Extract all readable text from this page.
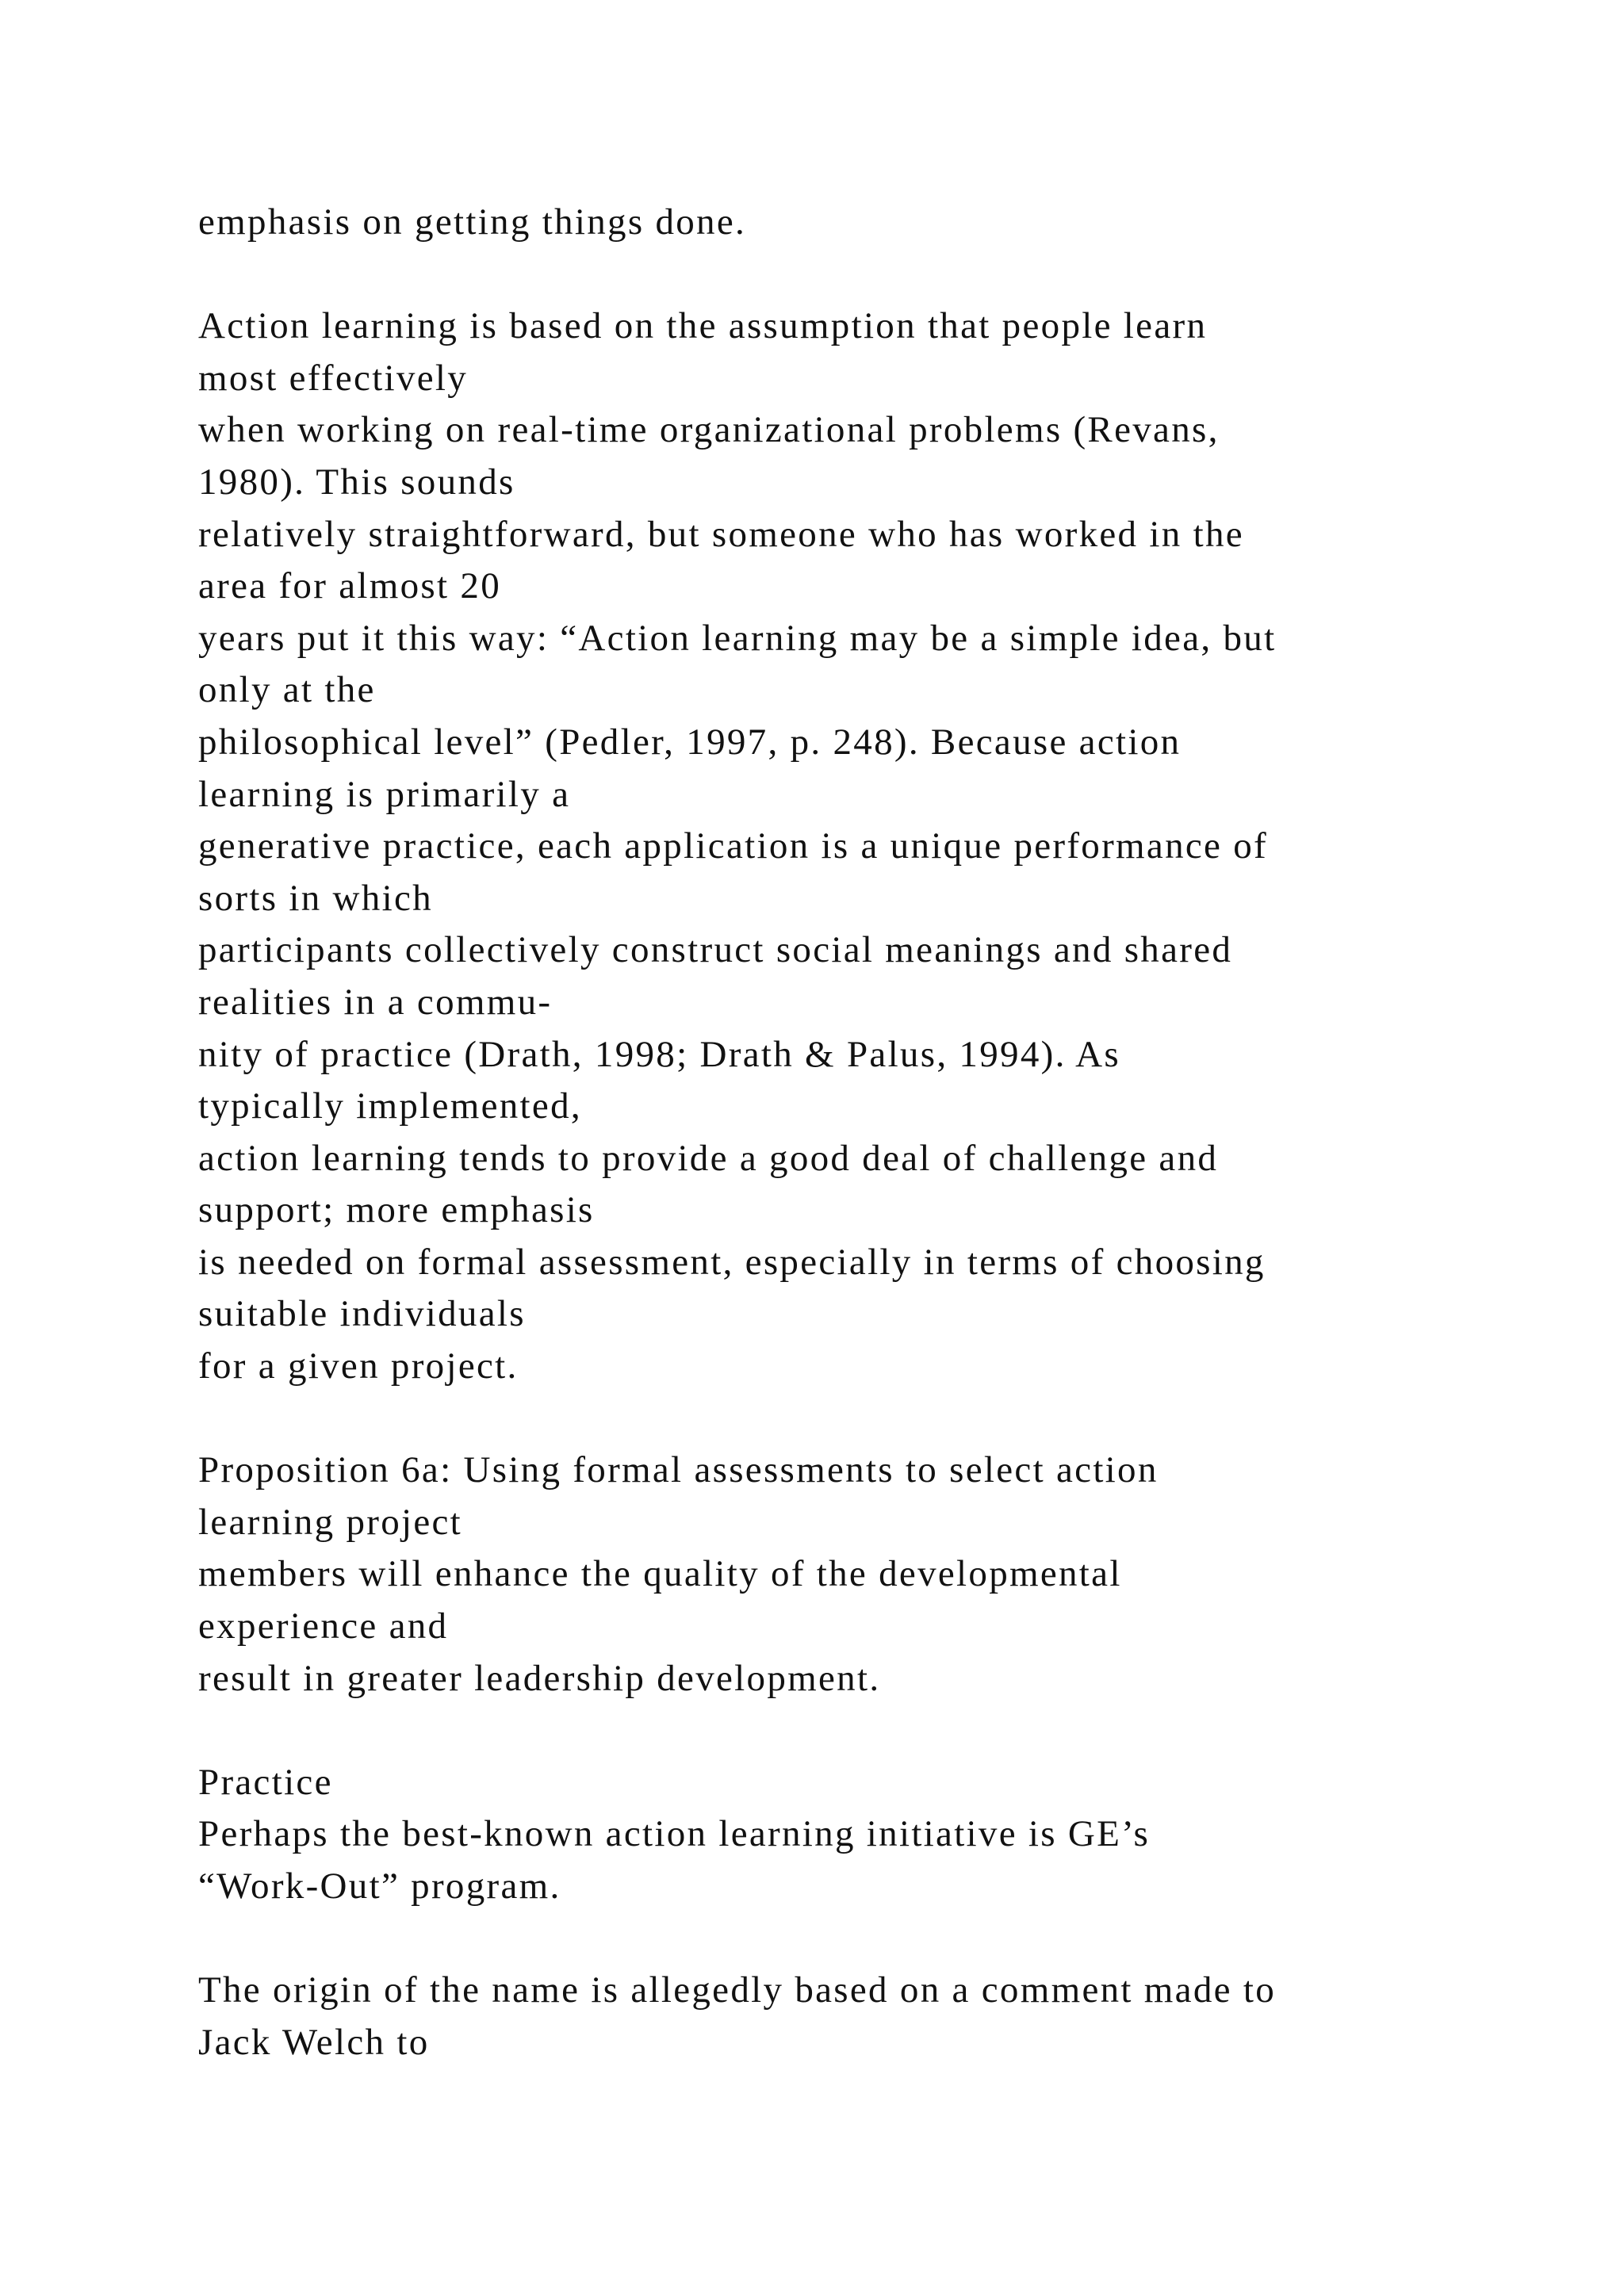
emphasis on getting things done.
Action learning is based on the assumption that people learn
most effectively
when working on real-time organizational problems (Revans,
1980). This sounds
relatively straightforward, but someone who has worked in the
area for almost 20
years put it this way: “Action learning may be a simple idea, but
only at the
philosophical level” (Pedler, 1997, p. 248). Because action
learning is primarily a
generative practice, each application is a unique performance of
sorts in which
participants collectively construct social meanings and shared
realities in a commu-
nity of practice (Drath, 1998; Drath & Palus, 1994). As
typically implemented,
action learning tends to provide a good deal of challenge and
support; more emphasis
is needed on formal assessment, especially in terms of choosing
suitable individuals
for a given project.
Proposition 6a: Using formal assessments to select action
learning project
members will enhance the quality of the developmental
experience and
result in greater leadership development.
Practice
Perhaps the best-known action learning initiative is GE’s
“Work-Out” program.
The origin of the name is allegedly based on a comment made to
Jack Welch to
